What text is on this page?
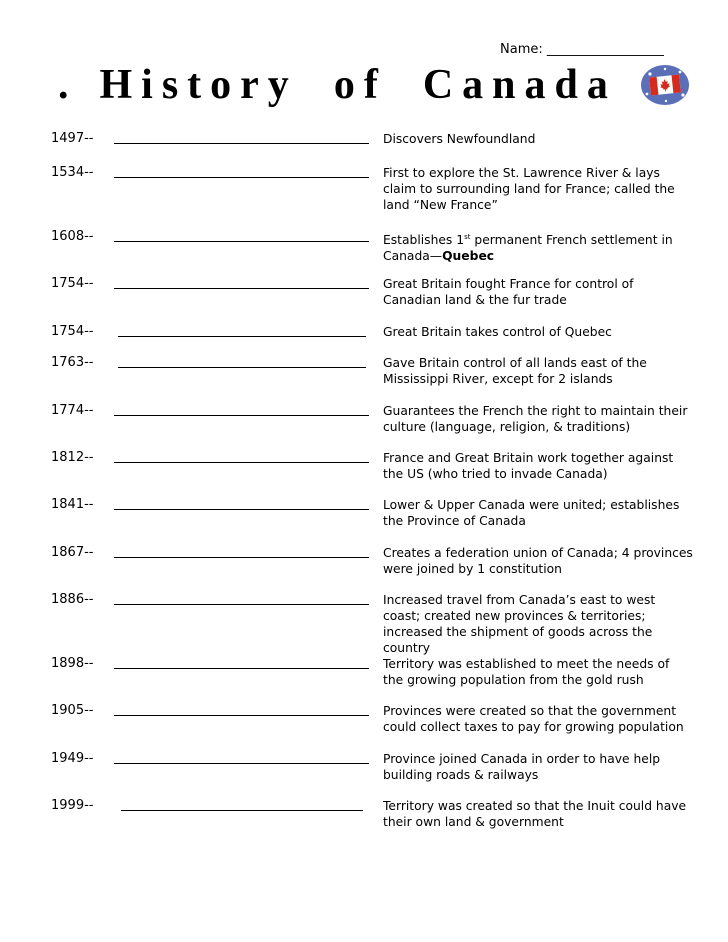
Name: __________________
. History of Canada
1497--	Discovers Newfoundland
1534--	First to explore the St. Lawrence River & lays claim to surrounding land for France; called the land “New France”
1608--	Establishes 1st permanent French settlement in Canada—Quebec
1754--	Great Britain fought France for control of Canadian land & the fur trade
1754--	Great Britain takes control of Quebec
1763--	Gave Britain control of all lands east of the Mississippi River, except for 2 islands
1774--	Guarantees the French the right to maintain their culture (language, religion, & traditions)
1812--	France and Great Britain work together against the US (who tried to invade Canada)
1841--	Lower & Upper Canada were united; establishes the Province of Canada
1867--	Creates a federation union of Canada; 4 provinces were joined by 1 constitution
1886--	Increased travel from Canada’s east to west coast; created new provinces & territories; increased the shipment of goods across the country
1898--	Territory was established to meet the needs of the growing population from the gold rush
1905--	Provinces were created so that the government could collect taxes to pay for growing population
1949--	Province joined Canada in order to have help building roads & railways
1999--	Territory was created so that the Inuit could have their own land & government
